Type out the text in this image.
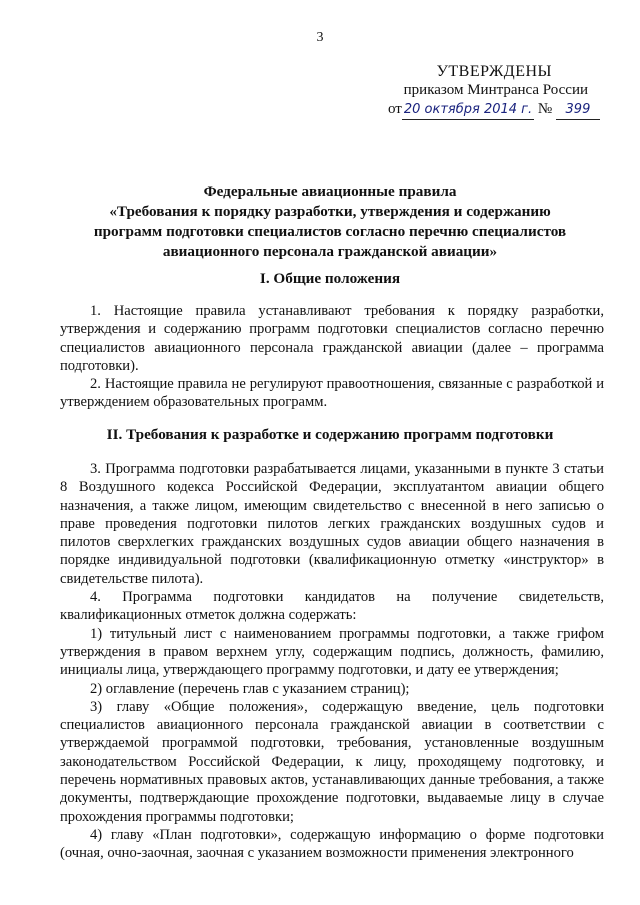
3
УТВЕРЖДЕНЫ
приказом Минтранса России
от 20 октября 2014 г. № 399
Федеральные авиационные правила
«Требования к порядку разработки, утверждения и содержанию
программ подготовки специалистов согласно перечню специалистов
авиационного персонала гражданской авиации»
I. Общие положения

1. Настоящие правила устанавливают требования к порядку разработки, утверждения и содержанию программ подготовки специалистов согласно перечню специалистов авиационного персонала гражданской авиации (далее – программа подготовки).

2. Настоящие правила не регулируют правоотношения, связанные с разработкой и утверждением образовательных программ.

II. Требования к разработке и содержанию программ подготовки

3. Программа подготовки разрабатывается лицами, указанными в пункте 3 статьи 8 Воздушного кодекса Российской Федерации, эксплуатантом авиации общего назначения, а также лицом, имеющим свидетельство с внесенной в него записью о праве проведения подготовки пилотов легких гражданских воздушных судов и пилотов сверхлегких гражданских воздушных судов авиации общего назначения в порядке индивидуальной подготовки (квалификационную отметку «инструктор» в свидетельстве пилота).

4. Программа подготовки кандидатов на получение свидетельств, квалификационных отметок должна содержать:

1) титульный лист с наименованием программы подготовки, а также грифом утверждения в правом верхнем углу, содержащим подпись, должность, фамилию, инициалы лица, утверждающего программу подготовки, и дату ее утверждения;

2) оглавление (перечень глав с указанием страниц);

3) главу «Общие положения», содержащую введение, цель подготовки специалистов авиационного персонала гражданской авиации в соответствии с утверждаемой программой подготовки, требования, установленные воздушным законодательством Российской Федерации, к лицу, проходящему подготовку, и перечень нормативных правовых актов, устанавливающих данные требования, а также документы, подтверждающие прохождение подготовки, выдаваемые лицу в случае прохождения программы подготовки;

4) главу «План подготовки», содержащую информацию о форме подготовки (очная, очно-заочная, заочная с указанием возможности применения электронного
